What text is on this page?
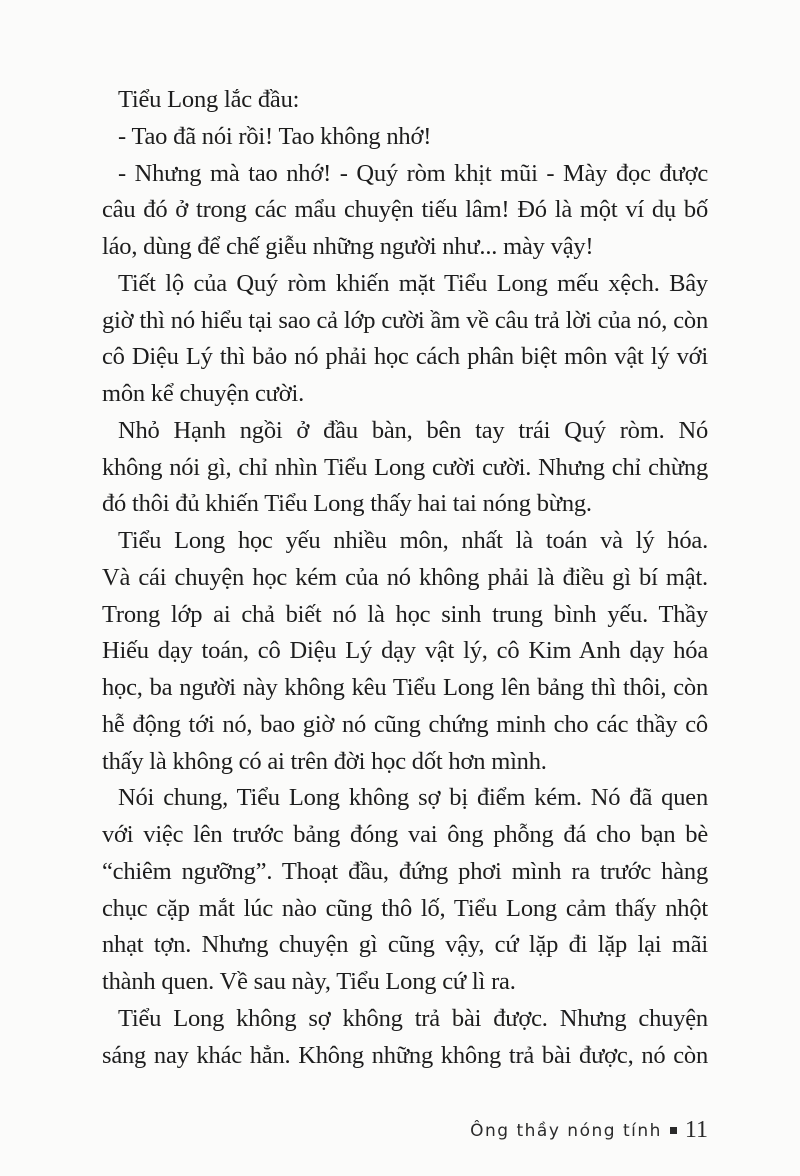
Tiểu Long lắc đầu:
- Tao đã nói rồi! Tao không nhớ!
- Nhưng mà tao nhớ! - Quý ròm khịt mũi - Mày đọc được
câu đó ở trong các mẩu chuyện tiếu lâm! Đó là một ví dụ bố
láo, dùng để chế giễu những người như... mày vậy!
Tiết lộ của Quý ròm khiến mặt Tiểu Long mếu xệch. Bây
giờ thì nó hiểu tại sao cả lớp cười ầm về câu trả lời của nó, còn
cô Diệu Lý thì bảo nó phải học cách phân biệt môn vật lý với
môn kể chuyện cười.
Nhỏ Hạnh ngồi ở đầu bàn, bên tay trái Quý ròm. Nó
không nói gì, chỉ nhìn Tiểu Long cười cười. Nhưng chỉ chừng
đó thôi đủ khiến Tiểu Long thấy hai tai nóng bừng.
Tiểu Long học yếu nhiều môn, nhất là toán và lý hóa.
Và cái chuyện học kém của nó không phải là điều gì bí mật.
Trong lớp ai chả biết nó là học sinh trung bình yếu. Thầy
Hiếu dạy toán, cô Diệu Lý dạy vật lý, cô Kim Anh dạy hóa
học, ba người này không kêu Tiểu Long lên bảng thì thôi, còn
hễ động tới nó, bao giờ nó cũng chứng minh cho các thầy cô
thấy là không có ai trên đời học dốt hơn mình.
Nói chung, Tiểu Long không sợ bị điểm kém. Nó đã quen
với việc lên trước bảng đóng vai ông phỗng đá cho bạn bè
“chiêm ngưỡng”. Thoạt đầu, đứng phơi mình ra trước hàng
chục cặp mắt lúc nào cũng thô lố, Tiểu Long cảm thấy nhột
nhạt tợn. Nhưng chuyện gì cũng vậy, cứ lặp đi lặp lại mãi
thành quen. Về sau này, Tiểu Long cứ lì ra.
Tiểu Long không sợ không trả bài được. Nhưng chuyện
sáng nay khác hẳn. Không những không trả bài được, nó còn
Ông thầy nóng tính 11
